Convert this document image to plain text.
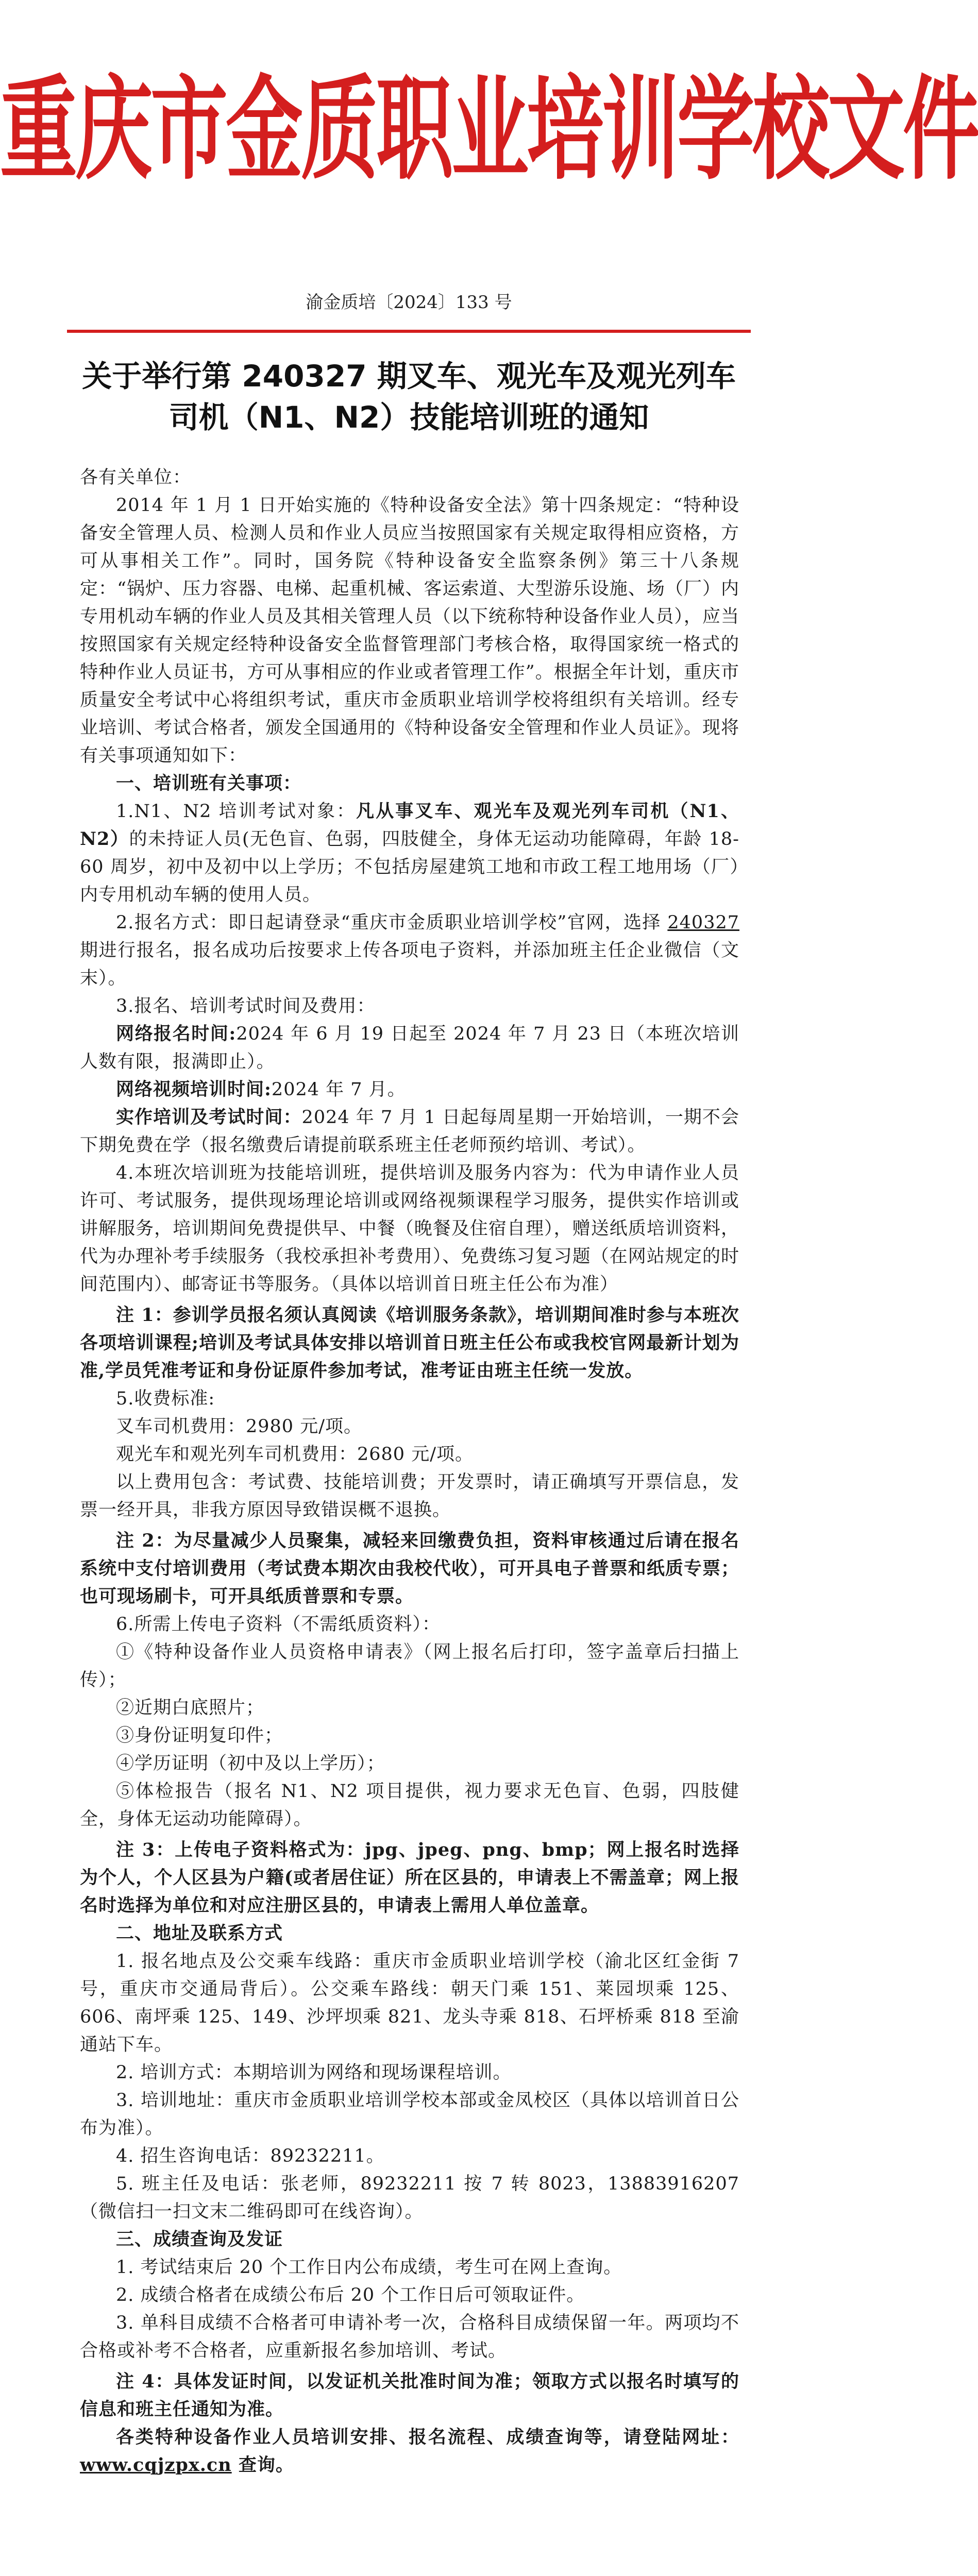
重庆市金质职业培训学校文件
渝金质培〔2024〕133 号
关于举行第 240327 期叉车、观光车及观光列车
司机（N1、N2）技能培训班的通知

各有关单位：

2014 年 1 月 1 日开始实施的《特种设备安全法》第十四条规定：“特种设备安全管理人员、检测人员和作业人员应当按照国家有关规定取得相应资格，方可从事相关工作”。同时，国务院《特种设备安全监察条例》第三十八条规定：“锅炉、压力容器、电梯、起重机械、客运索道、大型游乐设施、场（厂）内专用机动车辆的作业人员及其相关管理人员（以下统称特种设备作业人员），应当按照国家有关规定经特种设备安全监督管理部门考核合格，取得国家统一格式的特种作业人员证书，方可从事相应的作业或者管理工作”。根据全年计划，重庆市质量安全考试中心将组织考试，重庆市金质职业培训学校将组织有关培训。经专业培训、考试合格者，颁发全国通用的《特种设备安全管理和作业人员证》。现将有关事项通知如下：

一、培训班有关事项：

1.N1、N2 培训考试对象：凡从事叉车、观光车及观光列车司机（N1、N2）的未持证人员(无色盲、色弱，四肢健全，身体无运动功能障碍，年龄 18-60 周岁，初中及初中以上学历；不包括房屋建筑工地和市政工程工地用场（厂）内专用机动车辆的使用人员。

2.报名方式：即日起请登录“重庆市金质职业培训学校”官网，选择 240327 期进行报名，报名成功后按要求上传各项电子资料，并添加班主任企业微信（文末）。

3.报名、培训考试时间及费用：

网络报名时间:2024 年 6 月 19 日起至 2024 年 7 月 23 日（本班次培训人数有限，报满即止）。

网络视频培训时间:2024 年 7 月。

实作培训及考试时间：2024 年 7 月 1 日起每周星期一开始培训，一期不会下期免费在学（报名缴费后请提前联系班主任老师预约培训、考试）。

4.本班次培训班为技能培训班，提供培训及服务内容为：代为申请作业人员许可、考试服务，提供现场理论培训或网络视频课程学习服务，提供实作培训或讲解服务，培训期间免费提供早、中餐（晚餐及住宿自理），赠送纸质培训资料，代为办理补考手续服务（我校承担补考费用）、免费练习复习题（在网站规定的时间范围内）、邮寄证书等服务。（具体以培训首日班主任公布为准）

注 1：参训学员报名须认真阅读《培训服务条款》，培训期间准时参与本班次各项培训课程;培训及考试具体安排以培训首日班主任公布或我校官网最新计划为准,学员凭准考证和身份证原件参加考试，准考证由班主任统一发放。

5.收费标准:

叉车司机费用：2980 元/项。

观光车和观光列车司机费用：2680 元/项。

以上费用包含：考试费、技能培训费；开发票时，请正确填写开票信息，发票一经开具，非我方原因导致错误概不退换。

注 2：为尽量减少人员聚集，减轻来回缴费负担，资料审核通过后请在报名系统中支付培训费用（考试费本期次由我校代收），可开具电子普票和纸质专票；也可现场刷卡，可开具纸质普票和专票。

6.所需上传电子资料（不需纸质资料）：

①《特种设备作业人员资格申请表》（网上报名后打印，签字盖章后扫描上传）；

②近期白底照片；

③身份证明复印件；

④学历证明（初中及以上学历）；

⑤体检报告（报名 N1、N2 项目提供，视力要求无色盲、色弱，四肢健全，身体无运动功能障碍）。

注 3：上传电子资料格式为：jpg、jpeg、png、bmp；网上报名时选择为个人，个人区县为户籍(或者居住证）所在区县的，申请表上不需盖章；网上报名时选择为单位和对应注册区县的，申请表上需用人单位盖章。

二、地址及联系方式

1. 报名地点及公交乘车线路：重庆市金质职业培训学校（渝北区红金街 7 号，重庆市交通局背后）。公交乘车路线：朝天门乘 151、莱园坝乘 125、606、南坪乘 125、149、沙坪坝乘 821、龙头寺乘 818、石坪桥乘 818 至渝通站下车。

2. 培训方式：本期培训为网络和现场课程培训。

3. 培训地址：重庆市金质职业培训学校本部或金凤校区（具体以培训首日公布为准）。

4. 招生咨询电话：89232211。

5. 班主任及电话：张老师，89232211 按 7 转 8023，13883916207（微信扫一扫文末二维码即可在线咨询）。

三、成绩查询及发证

1. 考试结束后 20 个工作日内公布成绩，考生可在网上查询。

2. 成绩合格者在成绩公布后 20 个工作日后可领取证件。

3. 单科目成绩不合格者可申请补考一次，合格科目成绩保留一年。两项均不合格或补考不合格者，应重新报名参加培训、考试。

注 4：具体发证时间，以发证机关批准时间为准；领取方式以报名时填写的信息和班主任通知为准。

各类特种设备作业人员培训安排、报名流程、成绩查询等，请登陆网址：www.cqjzpx.cn 查询。
